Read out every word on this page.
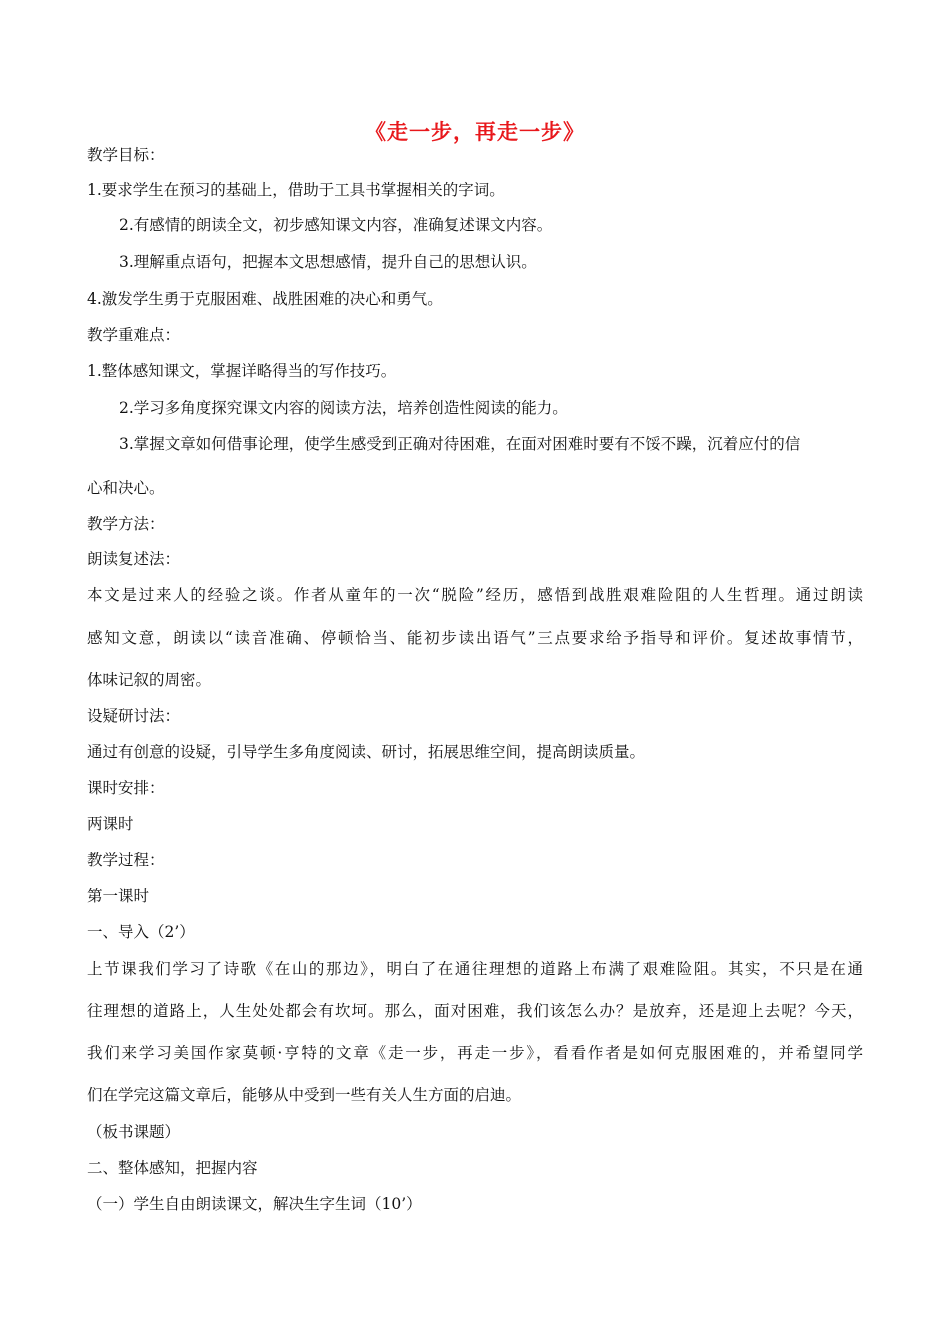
《走一步，再走一步》
教学目标：
1.要求学生在预习的基础上，借助于工具书掌握相关的字词。
2.有感情的朗读全文，初步感知课文内容，准确复述课文内容。
3.理解重点语句，把握本文思想感情，提升自己的思想认识。
4.激发学生勇于克服困难、战胜困难的决心和勇气。
教学重难点：
1.整体感知课文，掌握详略得当的写作技巧。
2.学习多角度探究课文内容的阅读方法，培养创造性阅读的能力。
3.掌握文章如何借事论理，使学生感受到正确对待困难，在面对困难时要有不馁不躁，沉着应付的信
心和决心。
教学方法：
朗读复述法：
本文是过来人的经验之谈。作者从童年的一次“脱险”经历，感悟到战胜艰难险阻的人生哲理。通过朗读
感知文意，朗读以“读音准确、停顿恰当、能初步读出语气”三点要求给予指导和评价。复述故事情节，
体味记叙的周密。
设疑研讨法：
通过有创意的设疑，引导学生多角度阅读、研讨，拓展思维空间，提高朗读质量。
课时安排：
两课时
教学过程：
第一课时
一、导入（2’）
上节课我们学习了诗歌《在山的那边》，明白了在通往理想的道路上布满了艰难险阻。其实，不只是在通
往理想的道路上，人生处处都会有坎坷。那么，面对困难，我们该怎么办？是放弃，还是迎上去呢？今天，
我们来学习美国作家莫顿·亨特的文章《走一步，再走一步》，看看作者是如何克服困难的，并希望同学
们在学完这篇文章后，能够从中受到一些有关人生方面的启迪。
（板书课题）
二、整体感知，把握内容
（一）学生自由朗读课文，解决生字生词（10’）
